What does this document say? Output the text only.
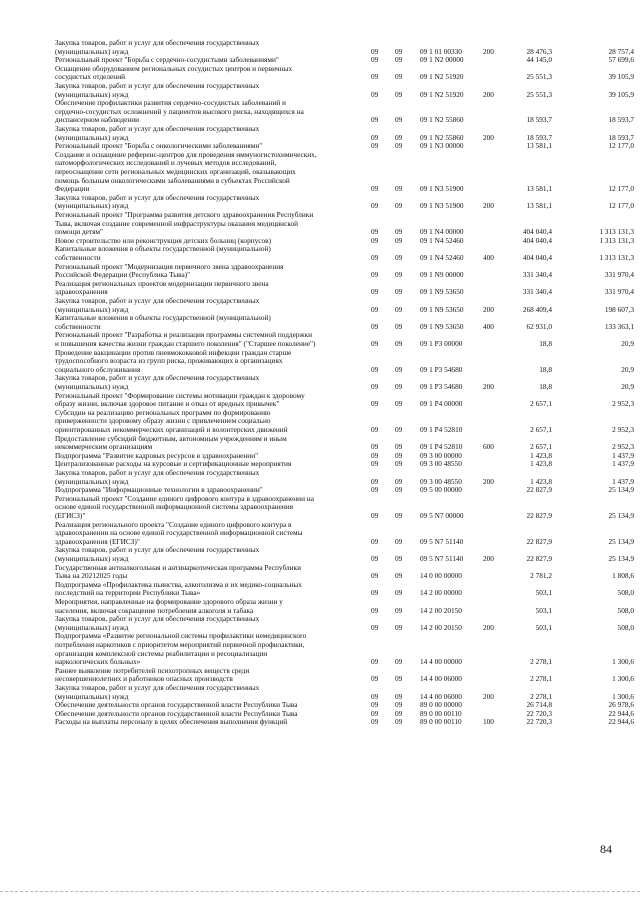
Закупка товаров, работ и услуг для обеспечения государственных
(муниципальных) нужд	09 09 09 1 01 00330	200	28 476,3	28 757,4
Региональный проект "Борьба с сердечно-сосудистыми заболеваниями"	09 09 09 1 N2 00000	44 145,0	57 699,6
Оснащение оборудованием региональных сосудистых центров и первичных
сосудистых отделений	09 09 09 1 N2 51920	25 551,3	39 105,9
Закупка товаров, работ и услуг для обеспечения государственных
(муниципальных) нужд	09 09 09 1 N2 51920	200	25 551,3	39 105,9
Обеспечение профилактики развития сердечно-сосудистых заболеваний и
сердечно-сосудистых осложнений у пациентов высокого риска, находящихся на
диспансерном наблюдении	09 09 09 1 N2 55860	18 593,7	18 593,7
Закупка товаров, работ и услуг для обеспечения государственных
(муниципальных) нужд	09 09 09 1 N2 55860	200	18 593,7	18 593,7
Региональный проект "Борьба с онкологическими заболеваниями"	09 09 09 1 N3 00000	13 581,1	12 177,0
Создание и оснащение референс-центров для проведения иммуногистохимических,
патоморфологических исследований и лучевых методов исследований,
переоснащение сети региональных медицинских организаций, оказывающих
помощь больным онкологическими заболеваниями в субъектах Российской
Федерации	09 09 09 1 N3 51900	13 581,1	12 177,0
Закупка товаров, работ и услуг для обеспечения государственных
(муниципальных) нужд	09 09 09 1 N3 51900	200	13 581,1	12 177,0
Региональный проект "Программа развития детского здравоохранения Республики
Тыва, включая создание современной инфраструктуры оказания медицинской
помощи детям"	09 09 09 1 N4 00000	404 040,4	1 313 131,3
Новое строительство или реконструкция детских больниц (корпусов)	09 09 09 1 N4 52460	404 040,4	1 313 131,3
Капитальные вложения в объекты государственной (муниципальной)
собственности	09 09 09 1 N4 52460	400	404 040,4	1 313 131,3
Региональный проект "Модернизация первичного звена здравоохранения
Российской Федерации (Республика Тыва)"	09 09 09 1 N9 00000	331 340,4	331 970,4
Реализация региональных проектов модернизации первичного звена
здравоохранения	09 09 09 1 N9 53650	331 340,4	331 970,4
Закупка товаров, работ и услуг для обеспечения государственных
(муниципальных) нужд	09 09 09 1 N9 53650	200	268 409,4	198 607,3
Капитальные вложения в объекты государственной (муниципальной)
собственности	09 09 09 1 N9 53650	400	62 931,0	133 363,1
Региональный проект "Разработка и реализация программы системной поддержки
и повышения качества жизни граждан старшего поколения" ("Старшее поколение")	09 09 09 1 P3 00000	18,8	20,9
Проведение вакцинации против пневмококковой инфекции граждан старше
трудоспособного возраста из групп риска, проживающих в организациях
социального обслуживания	09 09 09 1 P3 54680	18,8	20,9
Закупка товаров, работ и услуг для обеспечения государственных
(муниципальных) нужд	09 09 09 1 P3 54680	200	18,8	20,9
Региональный проект "Формирование системы мотивации граждан к здоровому
образу жизни, включая здоровое питание и отказ от вредных привычек"	09 09 09 1 P4 00000	2 657,1	2 952,3
Субсидии на реализацию региональных программ по формированию
приверженности здоровому образу жизни с привлечением социально
ориентированных некоммерческих организаций и волонтерских движений	09 09 09 1 P4 52810	2 657,1	2 952,3
Предоставление субсидий бюджетным, автономным учреждениям и иным
некоммерческим организациям	09 09 09 1 P4 52810	600	2 657,1	2 952,3
Подпрограмма "Развитие кадровых ресурсов в здравоохранении"	09 09 09 3 00 00000	1 423,8	1 437,9
Централизованные расходы на курсовые и сертификационные мероприятия	09 09 09 3 00 48550	1 423,8	1 437,9
Закупка товаров, работ и услуг для обеспечения государственных
(муниципальных) нужд	09 09 09 3 00 48550	200	1 423,8	1 437,9
Подпрограмма "Информационные технологии в здравоохранении"	09 09 09 5 00 00000	22 827,9	25 134,9
Региональный проект "Создание единого цифрового контура в здравоохранении на
основе единой государственной информационной системы здравоохранения
(ЕГИСЗ)"	09 09 09 5 N7 00000	22 827,9	25 134,9
Реализация регионального проекта "Создание единого цифрового контура в
здравоохранении на основе единой государственной информационной системы
здравоохранения (ЕГИСЗ)"	09 09 09 5 N7 51140	22 827,9	25 134,9
Закупка товаров, работ и услуг для обеспечения государственных
(муниципальных) нужд	09 09 09 5 N7 51140	200	22 827,9	25 134,9
Государственная антиалкогольная и антинаркотическая программа Республики
Тыва на 20212025 годы	09 09 14 0 00 00000	2 781,2	1 808,6
Подпрограмма «Профилактика пьянства, алкоголизма и их медико-социальных
последствий на территории Республики Тыва»	09 09 14 2 00 00000	503,1	508,0
Мероприятия, направленные на формирование здорового образа жизни у
населения, включая сокращение потребления алкоголя и табака	09 09 14 2 00 20150	503,1	508,0
Закупка товаров, работ и услуг для обеспечения государственных
(муниципальных) нужд	09 09 14 2 00 20150	200	503,1	508,0
Подпрограмма «Развитие региональной системы профилактики немедицинского
потребления наркотиков с приоритетом мероприятий первичной профилактики,
организация комплексной системы реабилитации и ресоциализации
наркологических больных»	09 09 14 4 00 00000	2 278,1	1 300,6
Раннее выявление потребителей психотропных веществ среди
несовершеннолетних и работников опасных производств	09 09 14 4 00 06000	2 278,1	1 300,6
Закупка товаров, работ и услуг для обеспечения государственных
(муниципальных) нужд	09 09 14 4 00 06000	200	2 278,1	1 300,6
Обеспечение деятельности органов государственной власти Республики Тыва	09 09 89 0 00 00000	26 714,8	26 978,6
Обеспечение деятельности органов государственной власти Республики Тыва	09 09 89 0 00 00110	22 720,3	22 944,6
Расходы на выплаты персоналу в целях обеспечения выполнения функций	09 09 89 0 00 00110	100	22 720,3	22 944,6
84
